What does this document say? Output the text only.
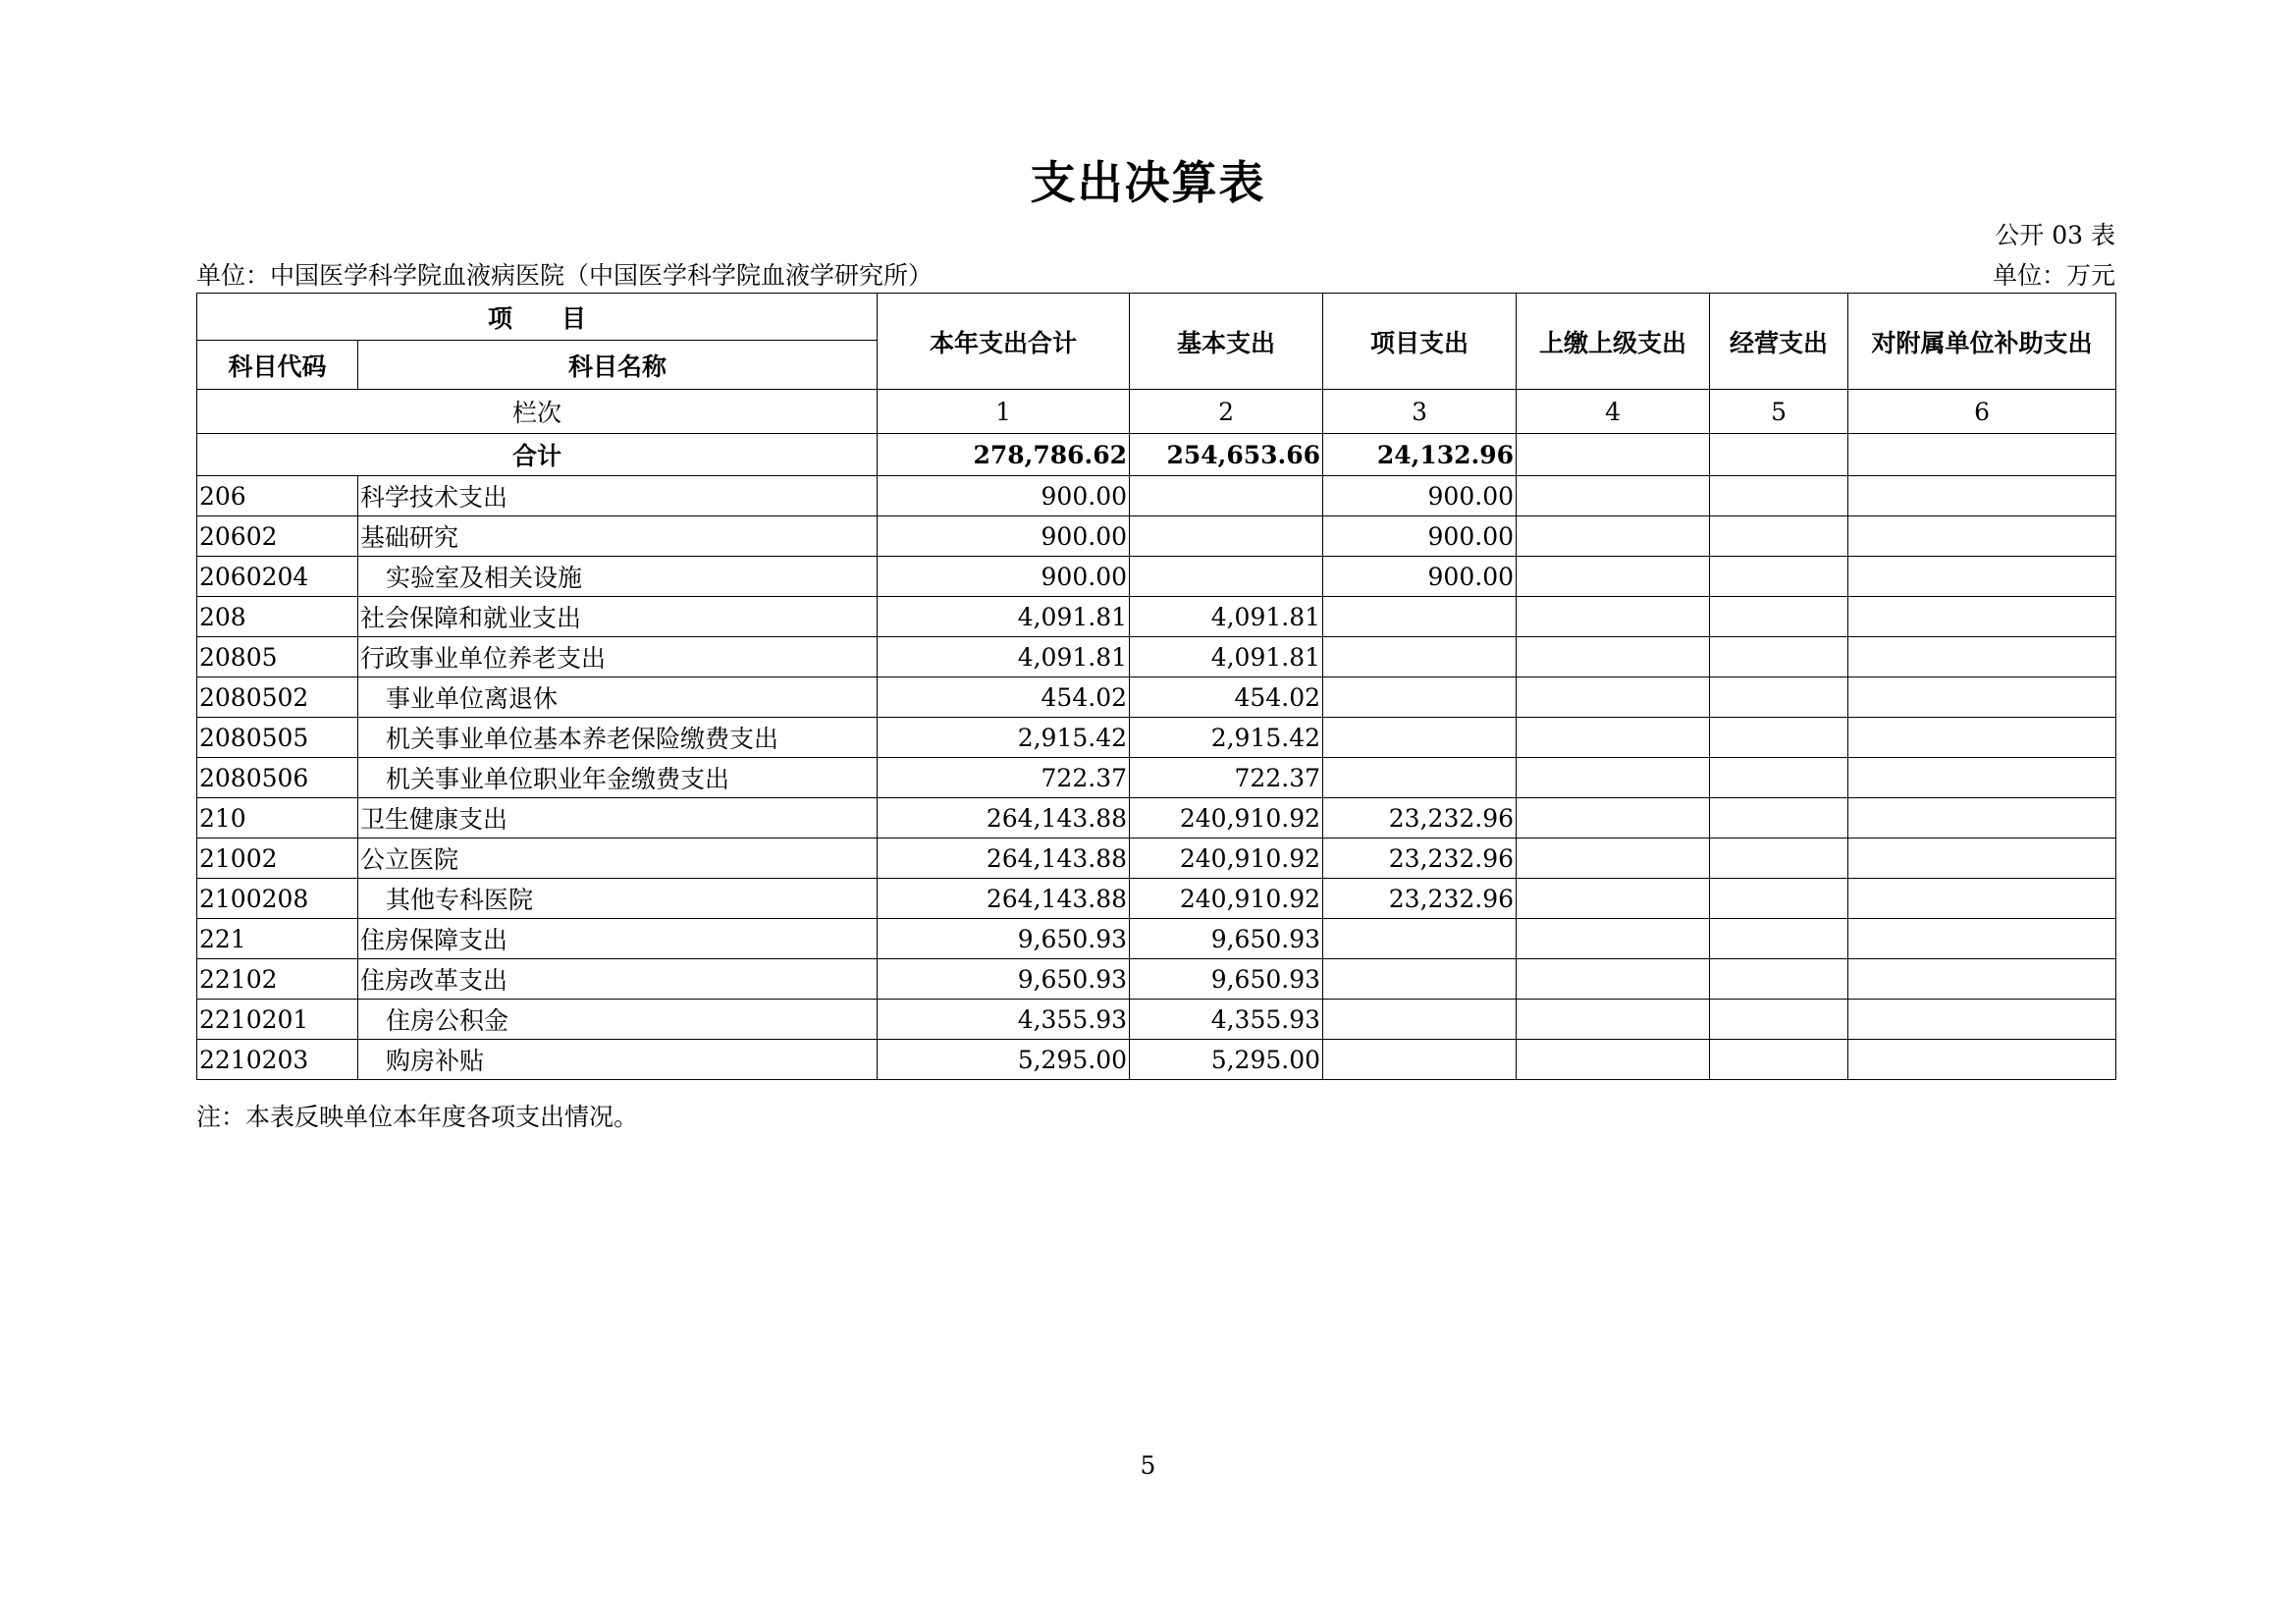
支出决算表
公开 03 表
单位：中国医学科学院血液病医院（中国医学科学院血液学研究所）	单位：万元
项　　目		本年支出合计	基本支出	项目支出	上缴上级支出	经营支出	对附属单位补助支出
科目代码	科目名称						
栏次		1	2	3	4	5	6
合计		278,786.62	254,653.66	24,132.96			
206	科学技术支出	900.00		900.00			
20602	基础研究	900.00		900.00			
2060204	实验室及相关设施	900.00		900.00			
208	社会保障和就业支出	4,091.81	4,091.81				
20805	行政事业单位养老支出	4,091.81	4,091.81				
2080502	事业单位离退休	454.02	454.02				
2080505	机关事业单位基本养老保险缴费支出	2,915.42	2,915.42				
2080506	机关事业单位职业年金缴费支出	722.37	722.37				
210	卫生健康支出	264,143.88	240,910.92	23,232.96			
21002	公立医院	264,143.88	240,910.92	23,232.96			
2100208	其他专科医院	264,143.88	240,910.92	23,232.96			
221	住房保障支出	9,650.93	9,650.93				
22102	住房改革支出	9,650.93	9,650.93				
2210201	住房公积金	4,355.93	4,355.93				
2210203	购房补贴	5,295.00	5,295.00				
注：本表反映单位本年度各项支出情况。
5
